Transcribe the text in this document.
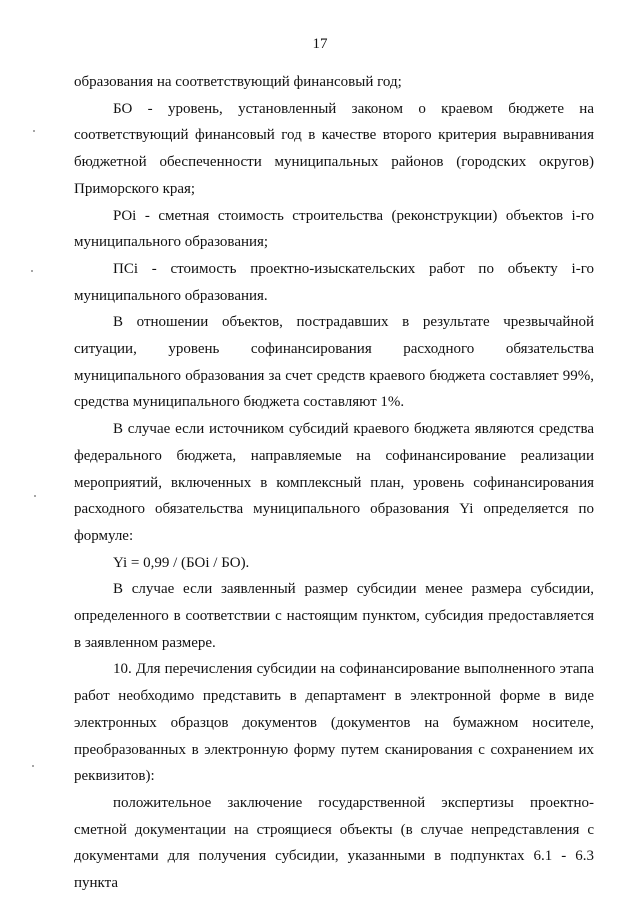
17
образования на соответствующий финансовый год;
БО - уровень, установленный законом о краевом бюджете на
соответствующий финансовый год в качестве второго критерия выравнивания
бюджетной обеспеченности муниципальных районов (городских округов)
Приморского края;
POi - сметная стоимость строительства (реконструкции) объектов i-го
муниципального образования;
ПСi - стоимость проектно-изыскательских работ по объекту i-го
муниципального образования.
В отношении объектов, пострадавших в результате чрезвычайной
ситуации, уровень софинансирования расходного обязательства
муниципального образования за счет средств краевого бюджета составляет 99%,
средства муниципального бюджета составляют 1%.
В случае если источником субсидий краевого бюджета являются средства
федерального бюджета, направляемые на софинансирование реализации
мероприятий, включенных в комплексный план, уровень софинансирования
расходного обязательства муниципального образования Yi определяется по
формуле:
Yi = 0,99 / (БОi / БО).
В случае если заявленный размер субсидии менее размера субсидии,
определенного в соответствии с настоящим пунктом, субсидия предоставляется
в заявленном размере.
10. Для перечисления субсидии на софинансирование выполненного этапа
работ необходимо представить в департамент в электронной форме в виде
электронных образцов документов (документов на бумажном носителе,
преобразованных в электронную форму путем сканирования с сохранением их
реквизитов):
положительное заключение государственной экспертизы проектно-
сметной документации на строящиеся объекты (в случае непредставления с
документами для получения субсидии, указанными в подпунктах 6.1 - 6.3 пункта
